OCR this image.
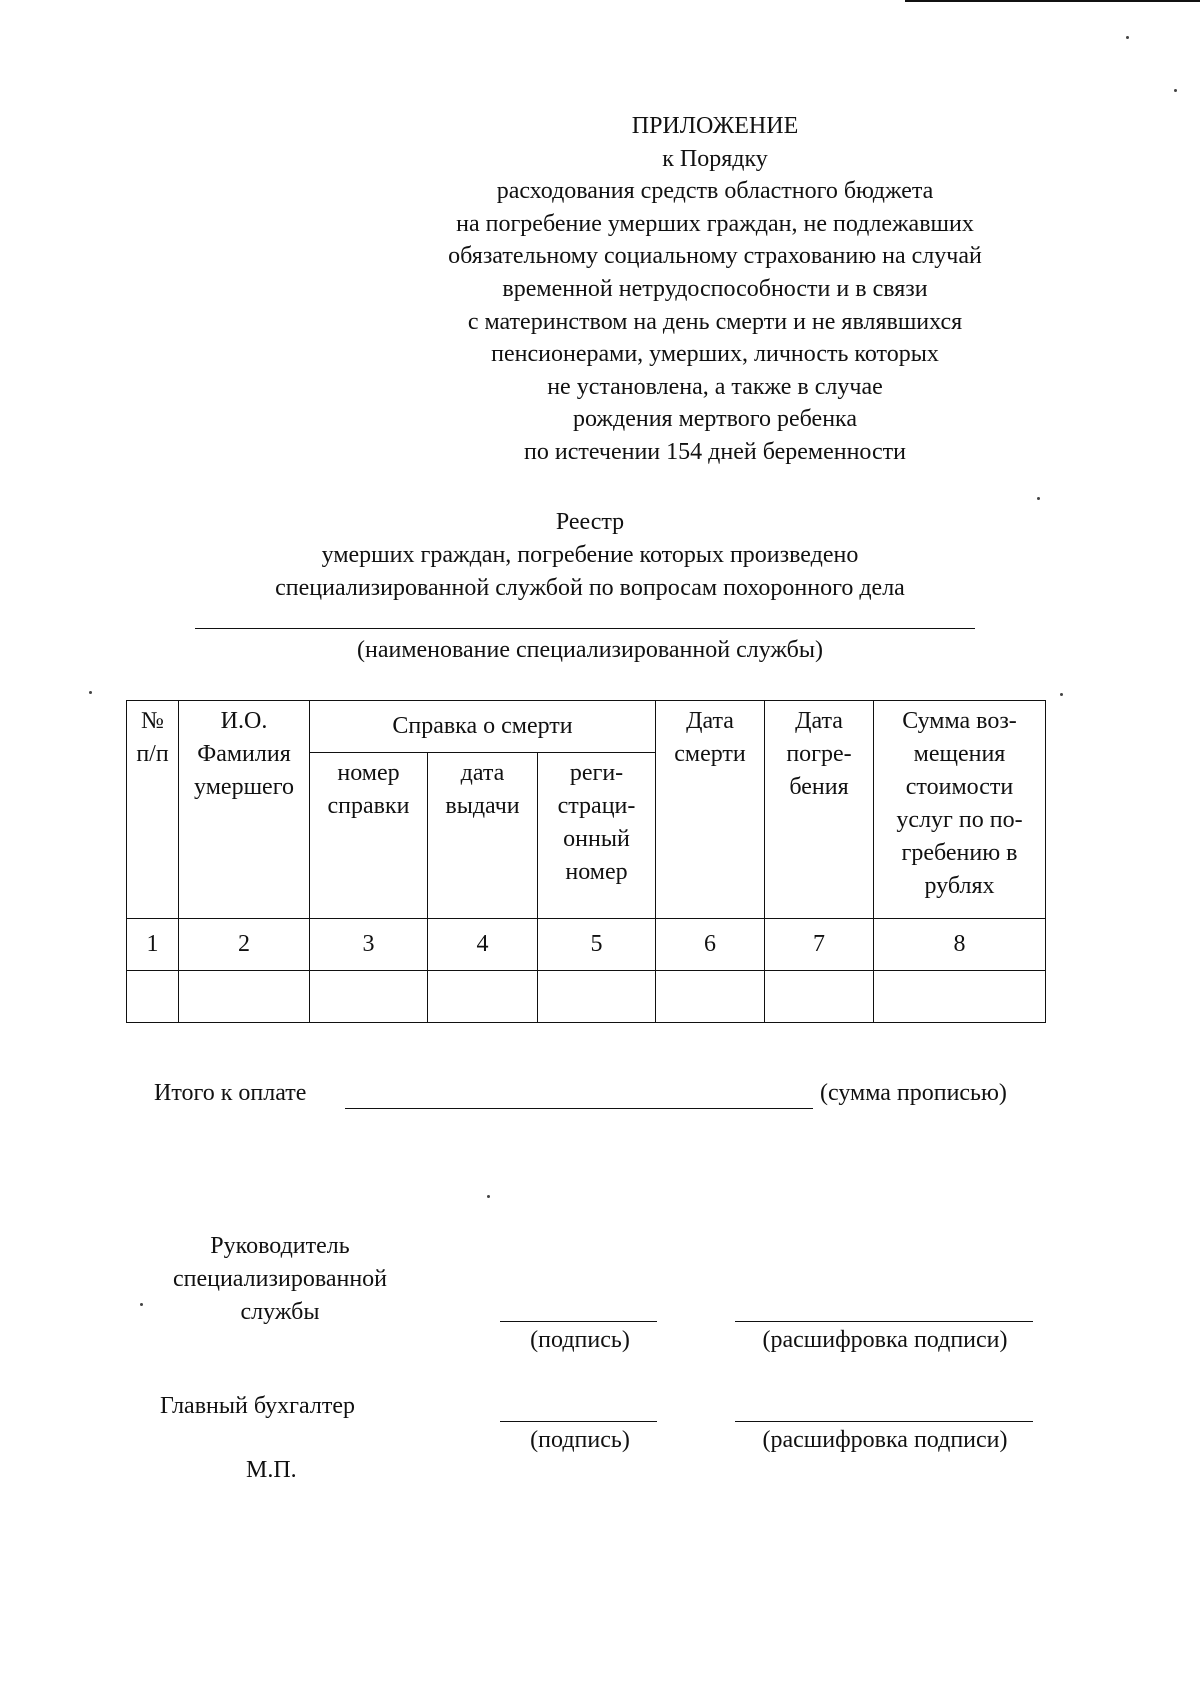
ПРИЛОЖЕНИЕ
к Порядку
расходования средств областного бюджета
на погребение умерших граждан, не подлежавших
обязательному социальному страхованию на случай
временной нетрудоспособности и в связи
с материнством на день смерти и не являвшихся
пенсионерами, умерших, личность которых
не установлена, а также в случае
рождения мертвого ребенка
по истечении 154 дней беременности
Реестр
умерших граждан, погребение которых произведено
специализированной службой по вопросам похоронного дела
(наименование специализированной службы)
№ п/п	И.О. Фамилия умершего	Справка о смерти			Дата смерти	Дата погре-бения	Сумма воз-мещения стоимости услуг по по-гребению в рублях
		номер справки	дата выдачи	реги-страци-онный номер			
1	2	3	4	5	6	7	8

Итого к оплате	(сумма прописью)
Руководитель
специализированной
службы
(подпись)	(расшифровка подписи)
Главный бухгалтер
(подпись)	(расшифровка подписи)
М.П.
